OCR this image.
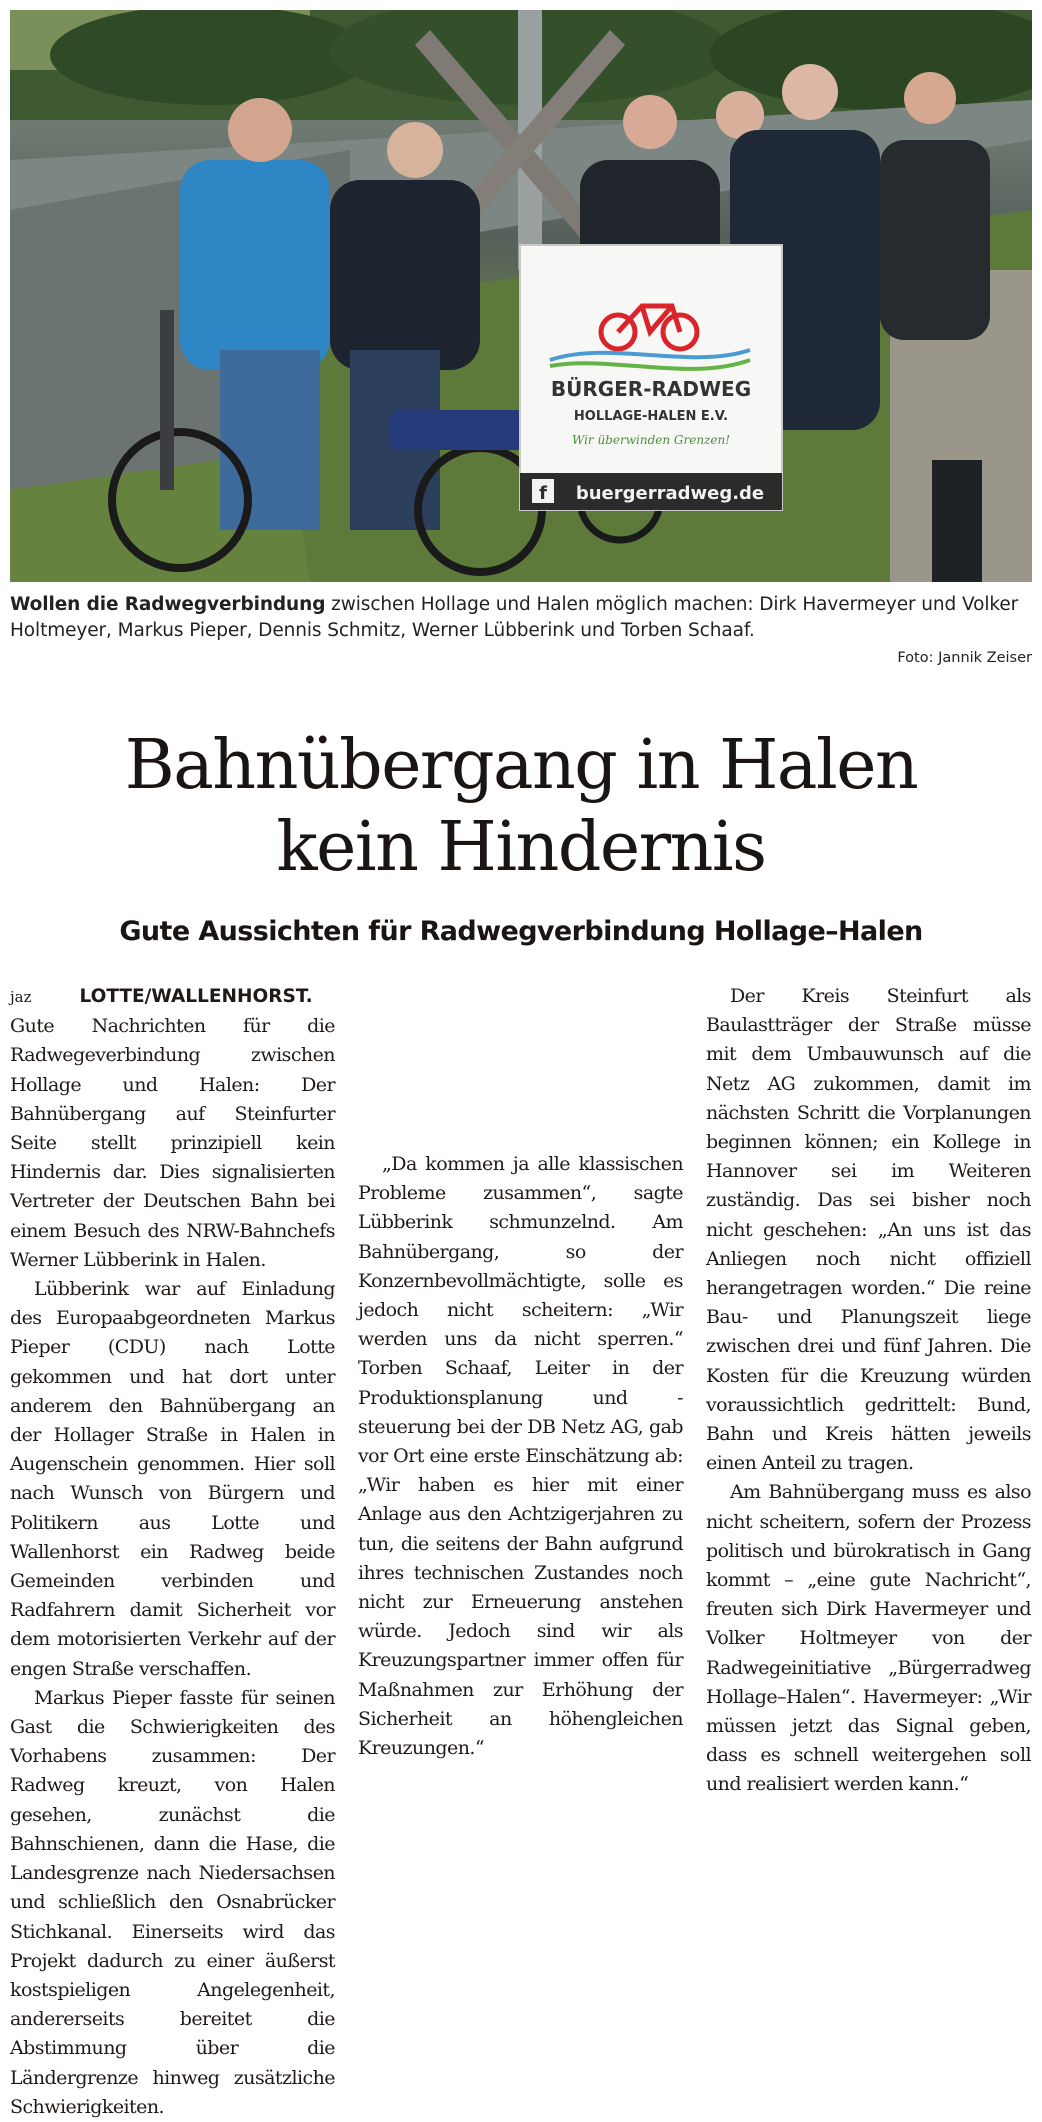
BÜRGER-RADWEG
HOLLAGE-HALEN E.V.
Wir überwinden Grenzen!
f buergerradweg.de
Wollen die Radwegverbindung zwischen Hollage und Halen möglich machen: Dirk Havermeyer und Volker Holtmeyer, Markus Pieper, Dennis Schmitz, Werner Lübberink und Torben Schaaf.
Foto: Jannik Zeiser
Bahnübergang in Halen
kein Hindernis
Gute Aussichten für Radwegverbindung Hollage–Halen

jaz	LOTTE/WALLENHORST. Gute Nachrichten für die Radwegeverbindung zwischen Hollage und Halen: Der Bahnübergang auf Steinfurter Seite stellt prinzipiell kein Hindernis dar. Dies signalisierten Vertreter der Deutschen Bahn bei einem Besuch des NRW-Bahnchefs Werner Lübberink in Halen.

Lübberink war auf Einladung des Europaabgeordneten Markus Pieper (CDU) nach Lotte gekommen und hat dort unter anderem den Bahnübergang an der Hollager Straße in Halen in Augenschein genommen. Hier soll nach Wunsch von Bürgern und Politikern aus Lotte und Wallenhorst ein Radweg beide Gemeinden verbinden und Radfahrern damit Sicherheit vor dem motorisierten Verkehr auf der engen Straße verschaffen.

Markus Pieper fasste für seinen Gast die Schwierigkeiten des Vorhabens zusammen: Der Radweg kreuzt, von Halen gesehen, zunächst die Bahnschienen, dann die Hase, die Landesgrenze nach Niedersachsen und schließlich den Osnabrücker Stichkanal. Einerseits wird das Projekt dadurch zu einer äußerst kostspieligen Angelegenheit, andererseits bereitet die Abstimmung über die Ländergrenze hinweg zusätzliche Schwierigkeiten.

„Da kommen ja alle klassischen Probleme zusammen“, sagte Lübberink schmunzelnd. Am Bahnübergang, so der Konzernbevollmächtigte, solle es jedoch nicht scheitern: „Wir werden uns da nicht sperren.“ Torben Schaaf, Leiter in der Produktionsplanung und -steuerung bei der DB Netz AG, gab vor Ort eine erste Einschätzung ab: „Wir haben es hier mit einer Anlage aus den Achtzigerjahren zu tun, die seitens der Bahn aufgrund ihres technischen Zustandes noch nicht zur Erneuerung anstehen würde. Jedoch sind wir als Kreuzungspartner immer offen für Maßnahmen zur Erhöhung der Sicherheit an höhengleichen Kreuzungen.“

Der Kreis Steinfurt als Baulastträger der Straße müsse mit dem Umbauwunsch auf die Netz AG zukommen, damit im nächsten Schritt die Vorplanungen beginnen können; ein Kollege in Hannover sei im Weiteren zuständig. Das sei bisher noch nicht geschehen: „An uns ist das Anliegen noch nicht offiziell herangetragen worden.“ Die reine Bau- und Planungszeit liege zwischen drei und fünf Jahren. Die Kosten für die Kreuzung würden voraussichtlich gedrittelt: Bund, Bahn und Kreis hätten jeweils einen Anteil zu tragen.

Am Bahnübergang muss es also nicht scheitern, sofern der Prozess politisch und bürokratisch in Gang kommt – „eine gute Nachricht“, freuten sich Dirk Havermeyer und Volker Holtmeyer von der Radwegeinitiative „Bürgerradweg Hollage–Halen“. Havermeyer: „Wir müssen jetzt das Signal geben, dass es schnell weitergehen soll und realisiert werden kann.“
